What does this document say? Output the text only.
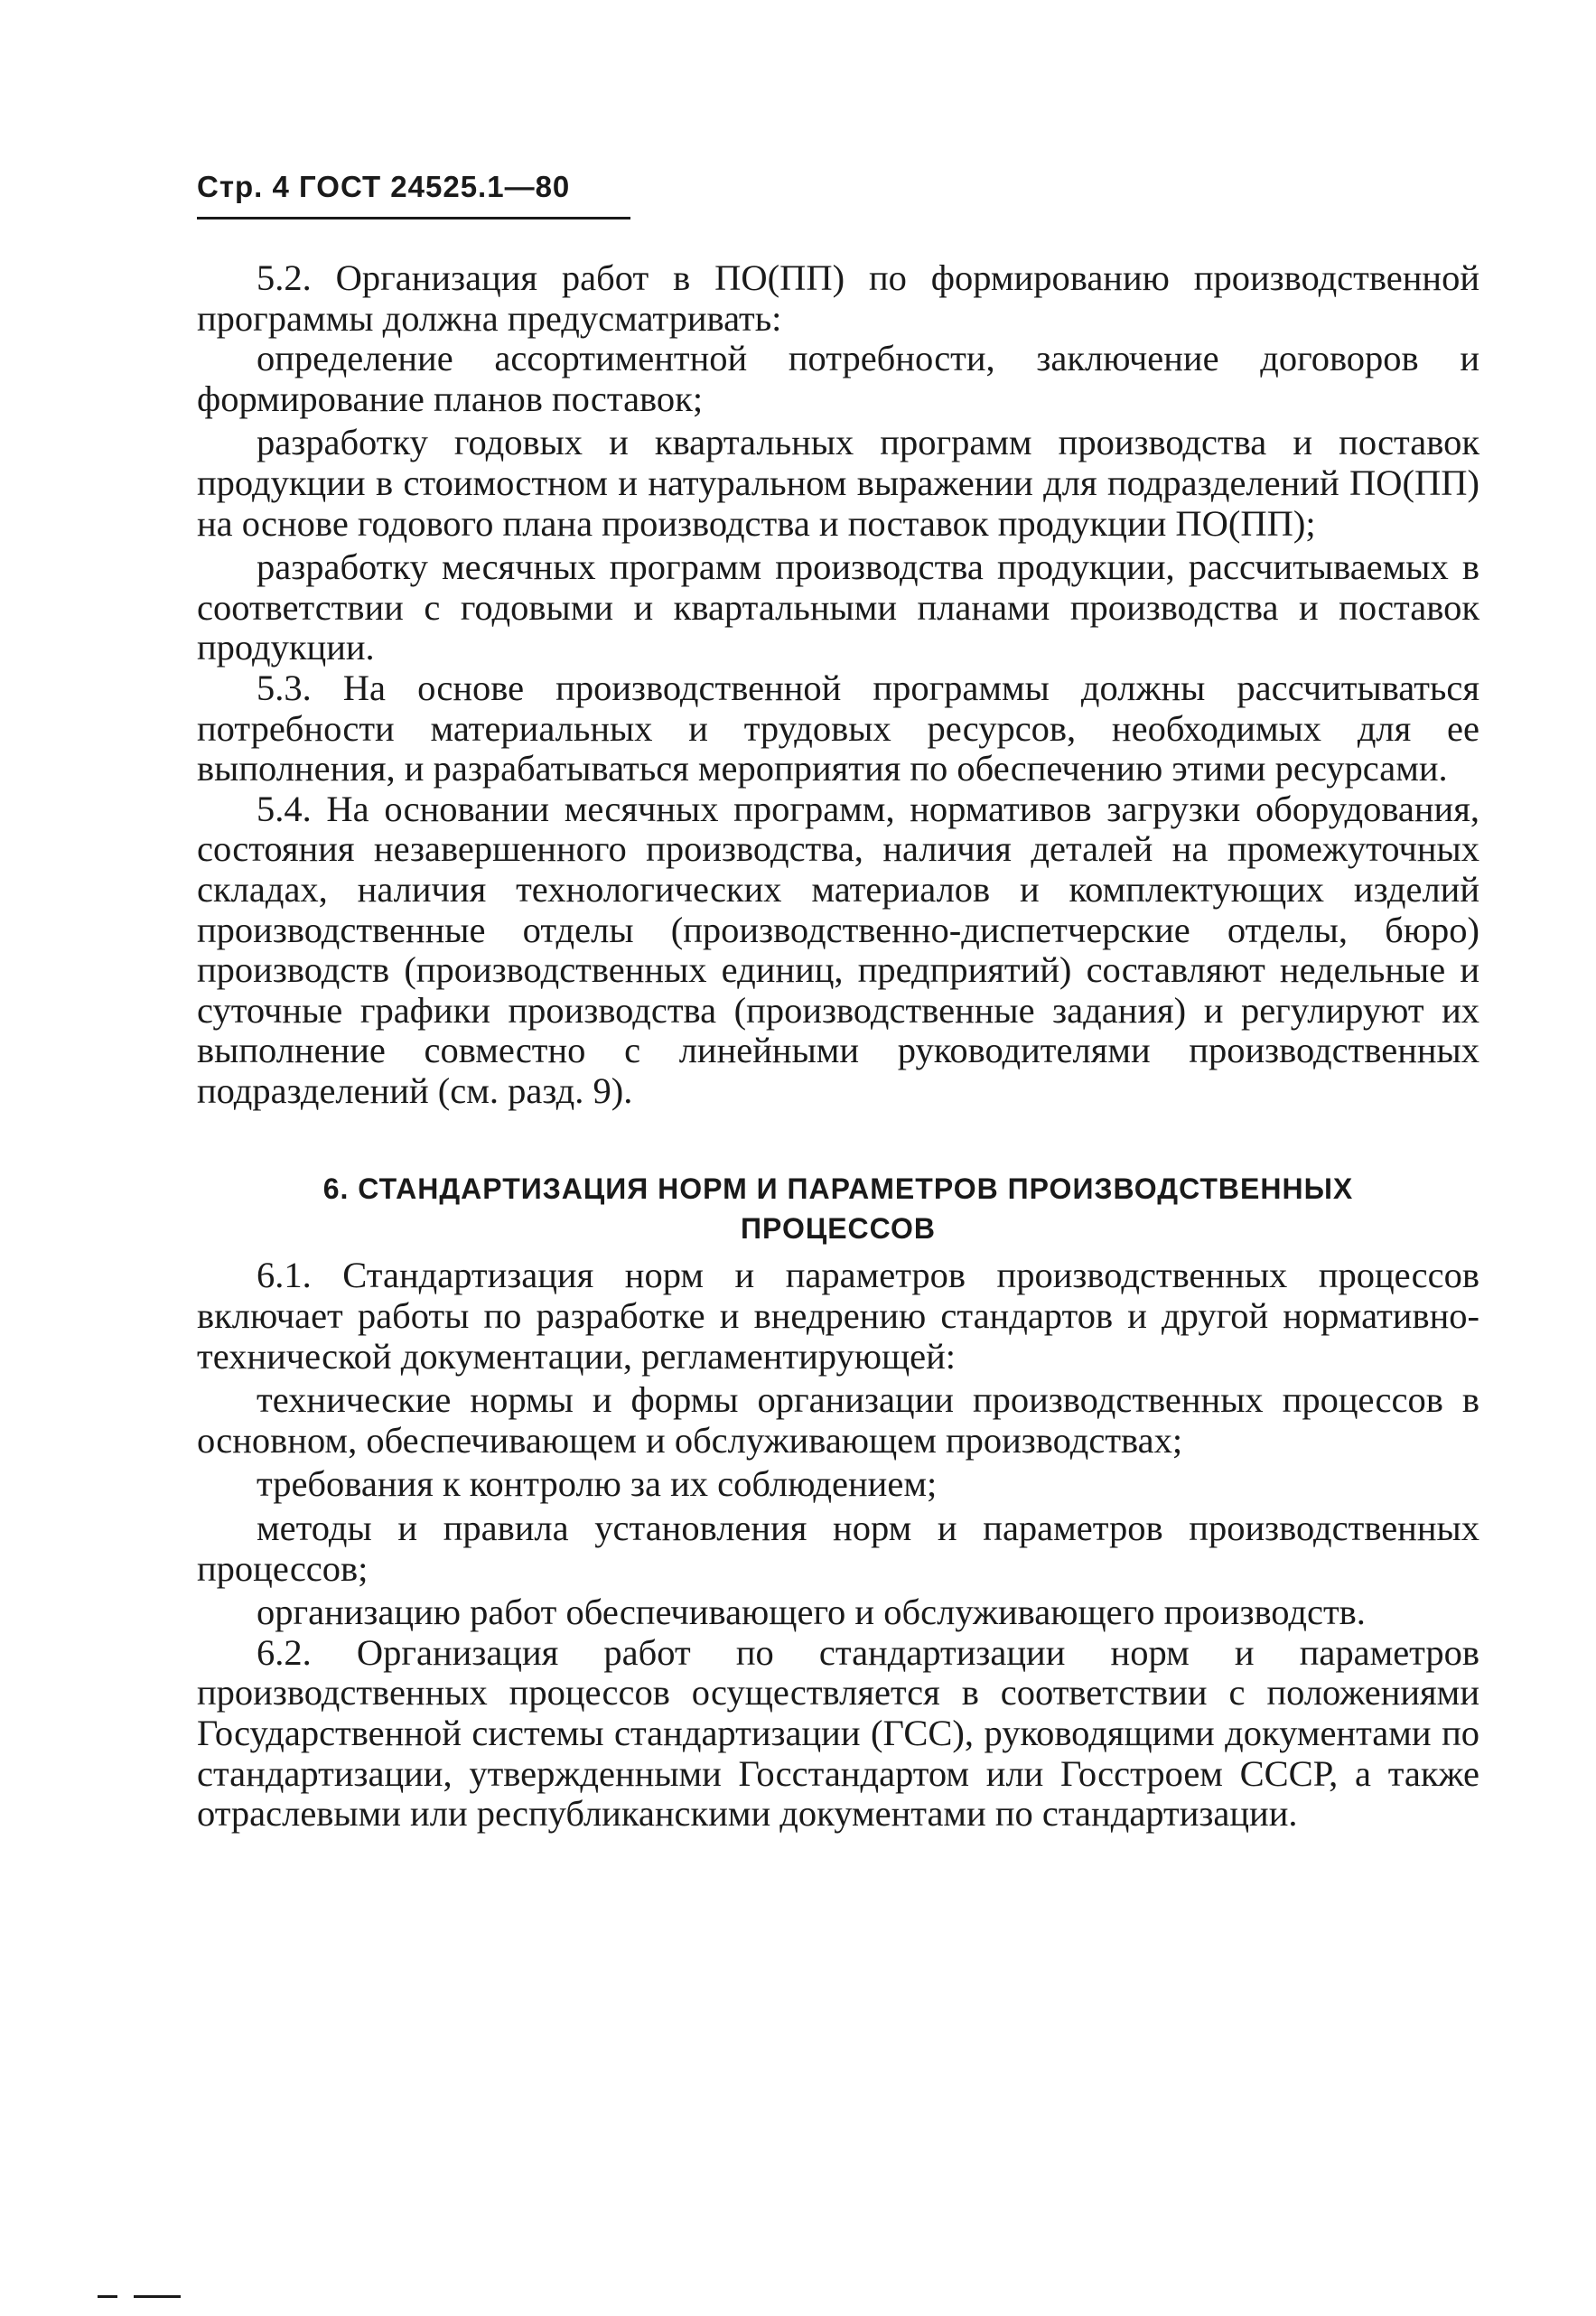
Стр. 4 ГОСТ 24525.1—80

5.2. Организация работ в ПО(ПП) по формированию производственной программы должна предусматривать:

определение ассортиментной потребности, заключение договоров и формирование планов поставок;

разработку годовых и квартальных программ производства и поставок продукции в стоимостном и натуральном выражении для подразделений ПО(ПП) на основе годового плана производства и поставок продукции ПО(ПП);

разработку месячных программ производства продукции, рассчитываемых в соответствии с годовыми и квартальными планами производства и поставок продукции.

5.3. На основе производственной программы должны рассчитываться потребности материальных и трудовых ресурсов, необходимых для ее выполнения, и разрабатываться мероприятия по обеспечению этими ресурсами.

5.4. На основании месячных программ, нормативов загрузки оборудования, состояния незавершенного производства, наличия деталей на промежуточных складах, наличия технологических материалов и комплектующих изделий производственные отделы (производственно-диспетчерские отделы, бюро) производств (производственных единиц, предприятий) составляют недельные и суточные графики производства (производственные задания) и регулируют их выполнение совместно с линейными руководителями производственных подразделений (см. разд. 9).

6. СТАНДАРТИЗАЦИЯ НОРМ И ПАРАМЕТРОВ ПРОИЗВОДСТВЕННЫХ
ПРОЦЕССОВ

6.1. Стандартизация норм и параметров производственных процессов включает работы по разработке и внедрению стандартов и другой нормативно-технической документации, регламентирующей:

технические нормы и формы организации производственных процессов в основном, обеспечивающем и обслуживающем производствах;

требования к контролю за их соблюдением;

методы и правила установления норм и параметров производственных процессов;

организацию работ обеспечивающего и обслуживающего производств.

6.2. Организация работ по стандартизации норм и параметров производственных процессов осуществляется в соответствии с положениями Государственной системы стандартизации (ГСС), руководящими документами по стандартизации, утвержденными Госстандартом или Госстроем СССР, а также отраслевыми или республиканскими документами по стандартизации.
